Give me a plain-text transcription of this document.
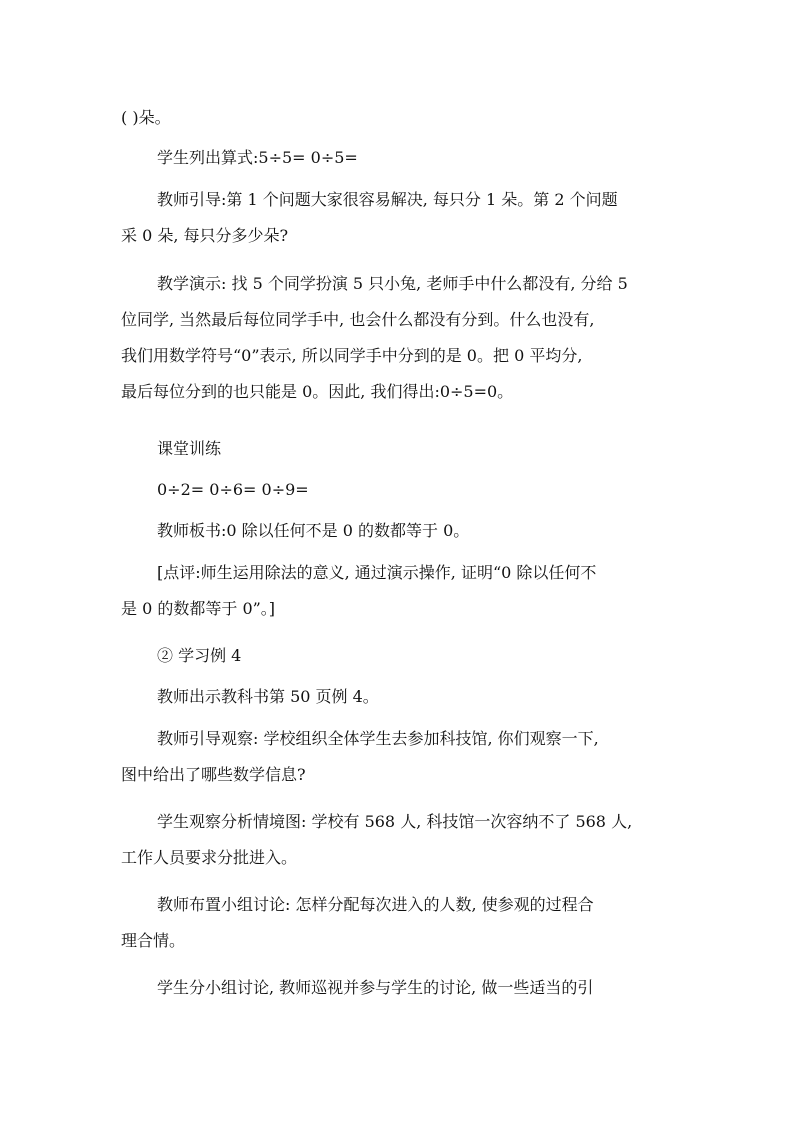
( )朵。

学生列出算式:5÷5= 0÷5=

教师引导:第 1 个问题大家很容易解决, 每只分 1 朵。第 2 个问题
采 0 朵, 每只分多少朵?

教学演示: 找 5 个同学扮演 5 只小兔, 老师手中什么都没有, 分给 5
位同学, 当然最后每位同学手中, 也会什么都没有分到。什么也没有,
我们用数学符号“0”表示, 所以同学手中分到的是 0。把 0 平均分,
最后每位分到的也只能是 0。因此, 我们得出:0÷5=0。

课堂训练

0÷2= 0÷6= 0÷9=

教师板书:0 除以任何不是 0 的数都等于 0。

[点评:师生运用除法的意义, 通过演示操作, 证明“0 除以任何不
是 0 的数都等于 0”。]

② 学习例 4

教师出示教科书第 50 页例 4。

教师引导观察: 学校组织全体学生去参加科技馆, 你们观察一下,
图中给出了哪些数学信息?

学生观察分析情境图: 学校有 568 人, 科技馆一次容纳不了 568 人,
工作人员要求分批进入。

教师布置小组讨论: 怎样分配每次进入的人数, 使参观的过程合
理合情。

学生分小组讨论, 教师巡视并参与学生的讨论, 做一些适当的引
